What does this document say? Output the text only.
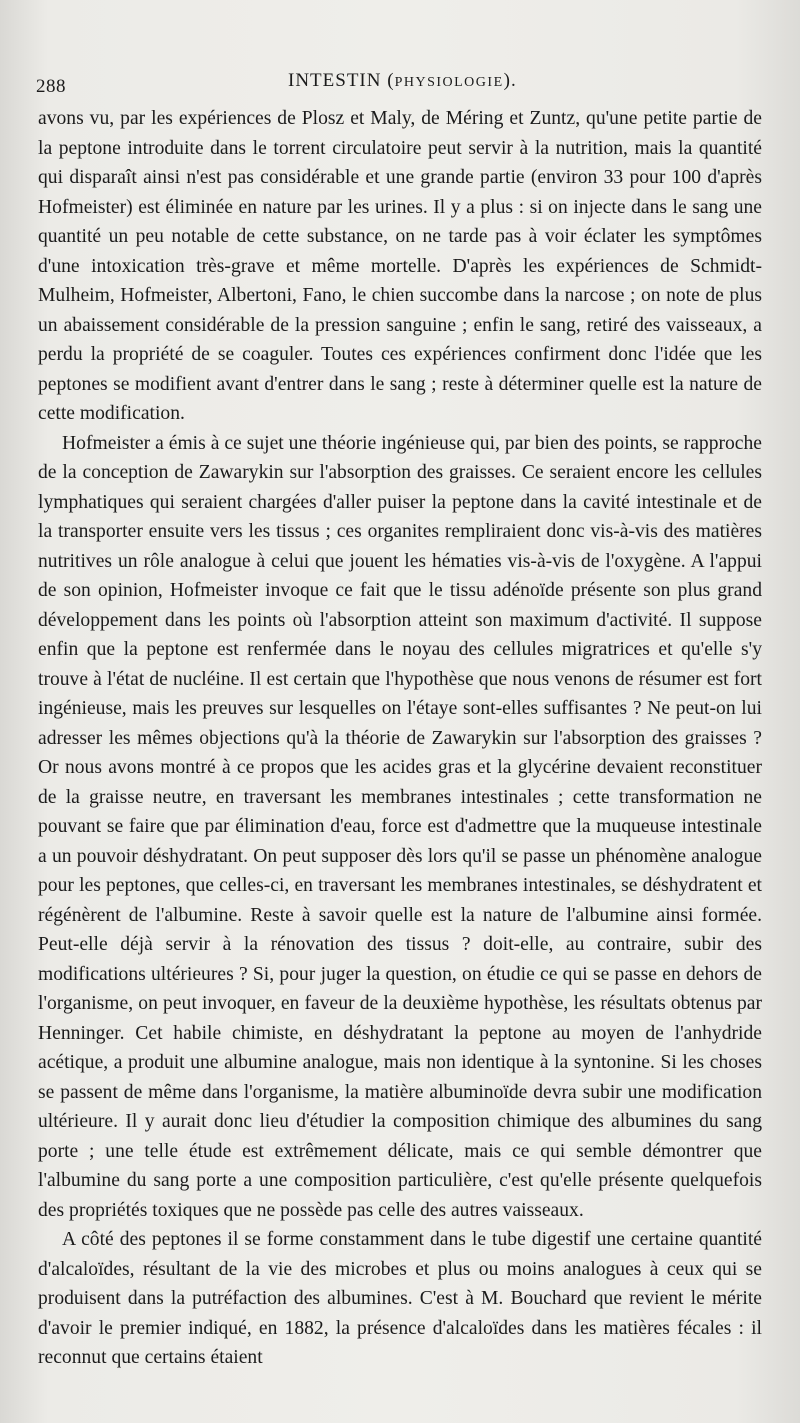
288	INTESTIN (PHYSIOLOGIE).

avons vu, par les expériences de Plosz et Maly, de Méring et Zuntz, qu'une petite partie de la peptone introduite dans le torrent circulatoire peut servir à la nutrition, mais la quantité qui disparaît ainsi n'est pas considérable et une grande partie (environ 33 pour 100 d'après Hofmeister) est éliminée en nature par les urines. Il y a plus : si on injecte dans le sang une quantité un peu notable de cette substance, on ne tarde pas à voir éclater les symptômes d'une intoxication très-grave et même mortelle. D'après les expériences de Schmidt-Mulheim, Hofmeister, Albertoni, Fano, le chien succombe dans la narcose ; on note de plus un abaissement considérable de la pression sanguine ; enfin le sang, retiré des vaisseaux, a perdu la propriété de se coaguler. Toutes ces expériences confirment donc l'idée que les peptones se modifient avant d'entrer dans le sang ; reste à déterminer quelle est la nature de cette modification.

Hofmeister a émis à ce sujet une théorie ingénieuse qui, par bien des points, se rapproche de la conception de Zawarykin sur l'absorption des graisses. Ce seraient encore les cellules lymphatiques qui seraient chargées d'aller puiser la peptone dans la cavité intestinale et de la transporter ensuite vers les tissus ; ces organites rempliraient donc vis-à-vis des matières nutritives un rôle analogue à celui que jouent les hématies vis-à-vis de l'oxygène. A l'appui de son opinion, Hofmeister invoque ce fait que le tissu adénoïde présente son plus grand développement dans les points où l'absorption atteint son maximum d'activité. Il suppose enfin que la peptone est renfermée dans le noyau des cellules migratrices et qu'elle s'y trouve à l'état de nucléine. Il est certain que l'hypothèse que nous venons de résumer est fort ingénieuse, mais les preuves sur lesquelles on l'étaye sont-elles suffisantes ? Ne peut-on lui adresser les mêmes objections qu'à la théorie de Zawarykin sur l'absorption des graisses ? Or nous avons montré à ce propos que les acides gras et la glycérine devaient reconstituer de la graisse neutre, en traversant les membranes intestinales ; cette transformation ne pouvant se faire que par élimination d'eau, force est d'admettre que la muqueuse intestinale a un pouvoir déshydratant. On peut supposer dès lors qu'il se passe un phénomène analogue pour les peptones, que celles-ci, en traversant les membranes intestinales, se déshydratent et régénèrent de l'albumine. Reste à savoir quelle est la nature de l'albumine ainsi formée. Peut-elle déjà servir à la rénovation des tissus ? doit-elle, au contraire, subir des modifications ultérieures ? Si, pour juger la question, on étudie ce qui se passe en dehors de l'organisme, on peut invoquer, en faveur de la deuxième hypothèse, les résultats obtenus par Henninger. Cet habile chimiste, en déshydratant la peptone au moyen de l'anhydride acétique, a produit une albumine analogue, mais non identique à la syntonine. Si les choses se passent de même dans l'organisme, la matière albuminoïde devra subir une modification ultérieure. Il y aurait donc lieu d'étudier la composition chimique des albumines du sang porte ; une telle étude est extrêmement délicate, mais ce qui semble démontrer que l'albumine du sang porte a une composition particulière, c'est qu'elle présente quelquefois des propriétés toxiques que ne possède pas celle des autres vaisseaux.

A côté des peptones il se forme constamment dans le tube digestif une certaine quantité d'alcaloïdes, résultant de la vie des microbes et plus ou moins analogues à ceux qui se produisent dans la putréfaction des albumines. C'est à M. Bouchard que revient le mérite d'avoir le premier indiqué, en 1882, la présence d'alcaloïdes dans les matières fécales : il reconnut que certains étaient
